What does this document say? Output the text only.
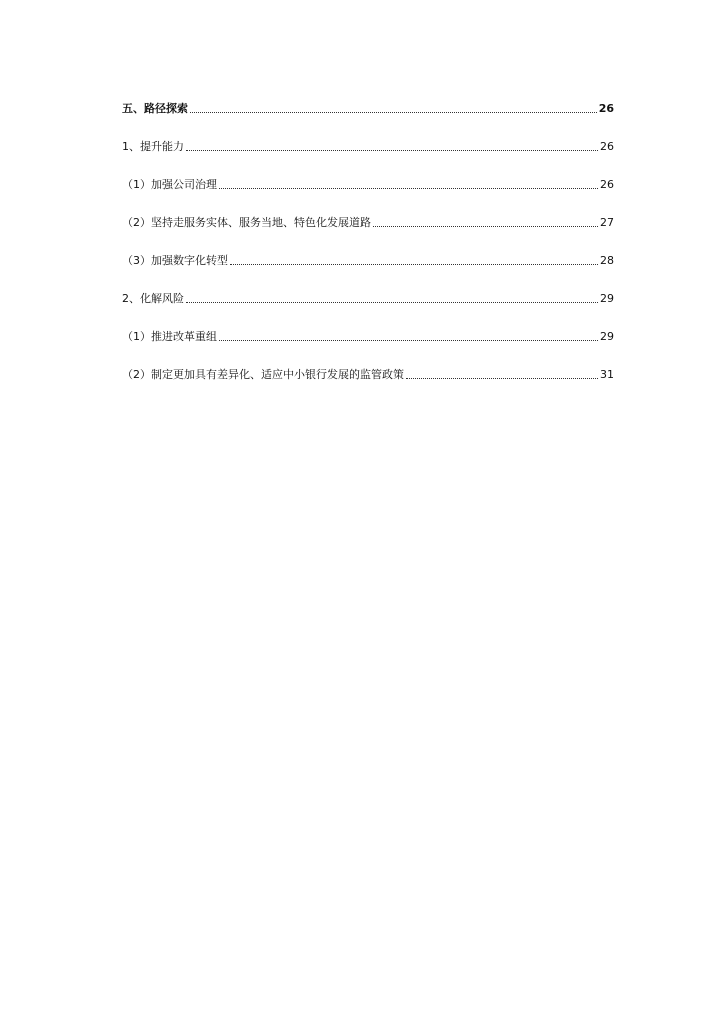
五、路径探索	26
1、提升能力	26
（1）加强公司治理	26
（2）坚持走服务实体、服务当地、特色化发展道路	27
（3）加强数字化转型	28
2、化解风险	29
（1）推进改革重组	29
（2）制定更加具有差异化、适应中小银行发展的监管政策	31
